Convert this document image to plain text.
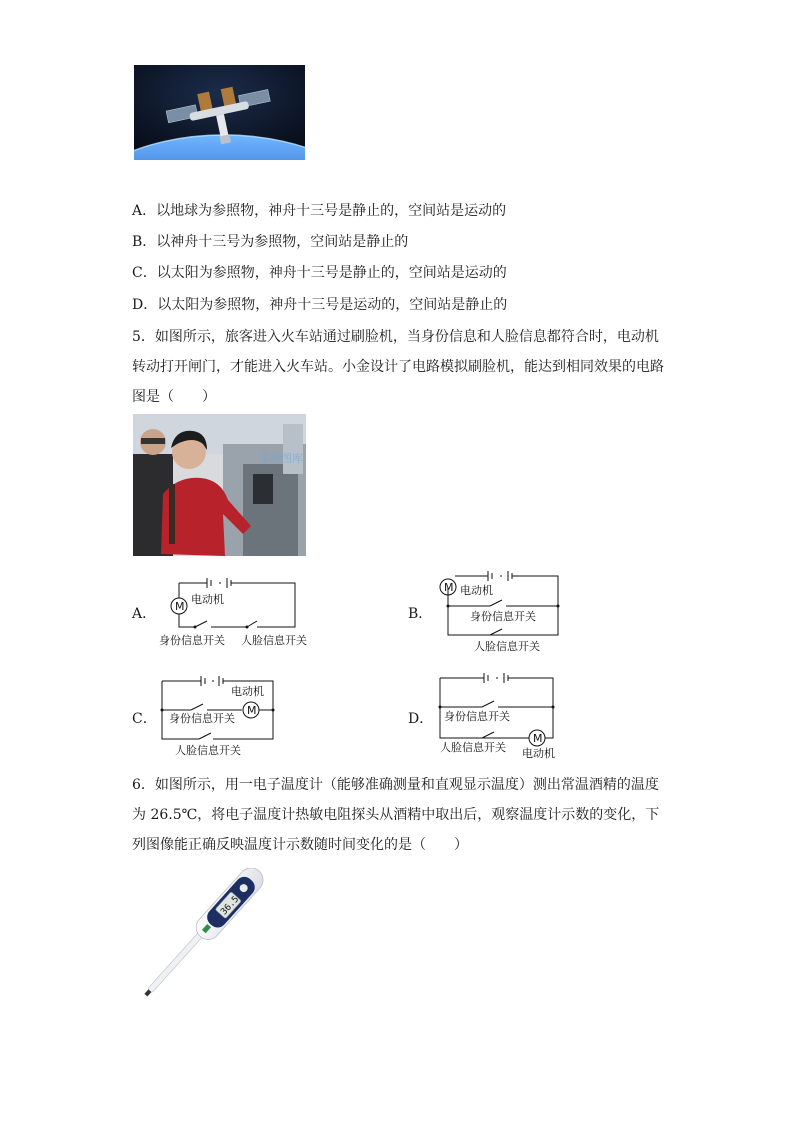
A．以地球为参照物，神舟十三号是静止的，空间站是运动的
B．以神舟十三号为参照物，空间站是静止的
C．以太阳为参照物，神舟十三号是静止的，空间站是运动的
D．以太阳为参照物，神舟十三号是运动的，空间站是静止的
5．如图所示，旅客进入火车站通过刷脸机，当身份信息和人脸信息都符合时，电动机转动打开闸门，才能进入火车站。小金设计了电路模拟刷脸机，能达到相同效果的电路图是（　　）
华浙图库
A． M
电动机
身份信息开关 人脸信息开关
B．
M 电动机
身份信息开关
人脸信息开关
C．
M
电动机
身份信息开关
人脸信息开关
D．
M
电动机
身份信息开关
人脸信息开关
6．如图所示，用一电子温度计（能够准确测量和直观显示温度）测出常温酒精的温度为 26.5℃，将电子温度计热敏电阻探头从酒精中取出后，观察温度计示数的变化，下列图像能正确反映温度计示数随时间变化的是（　　）
36.5
